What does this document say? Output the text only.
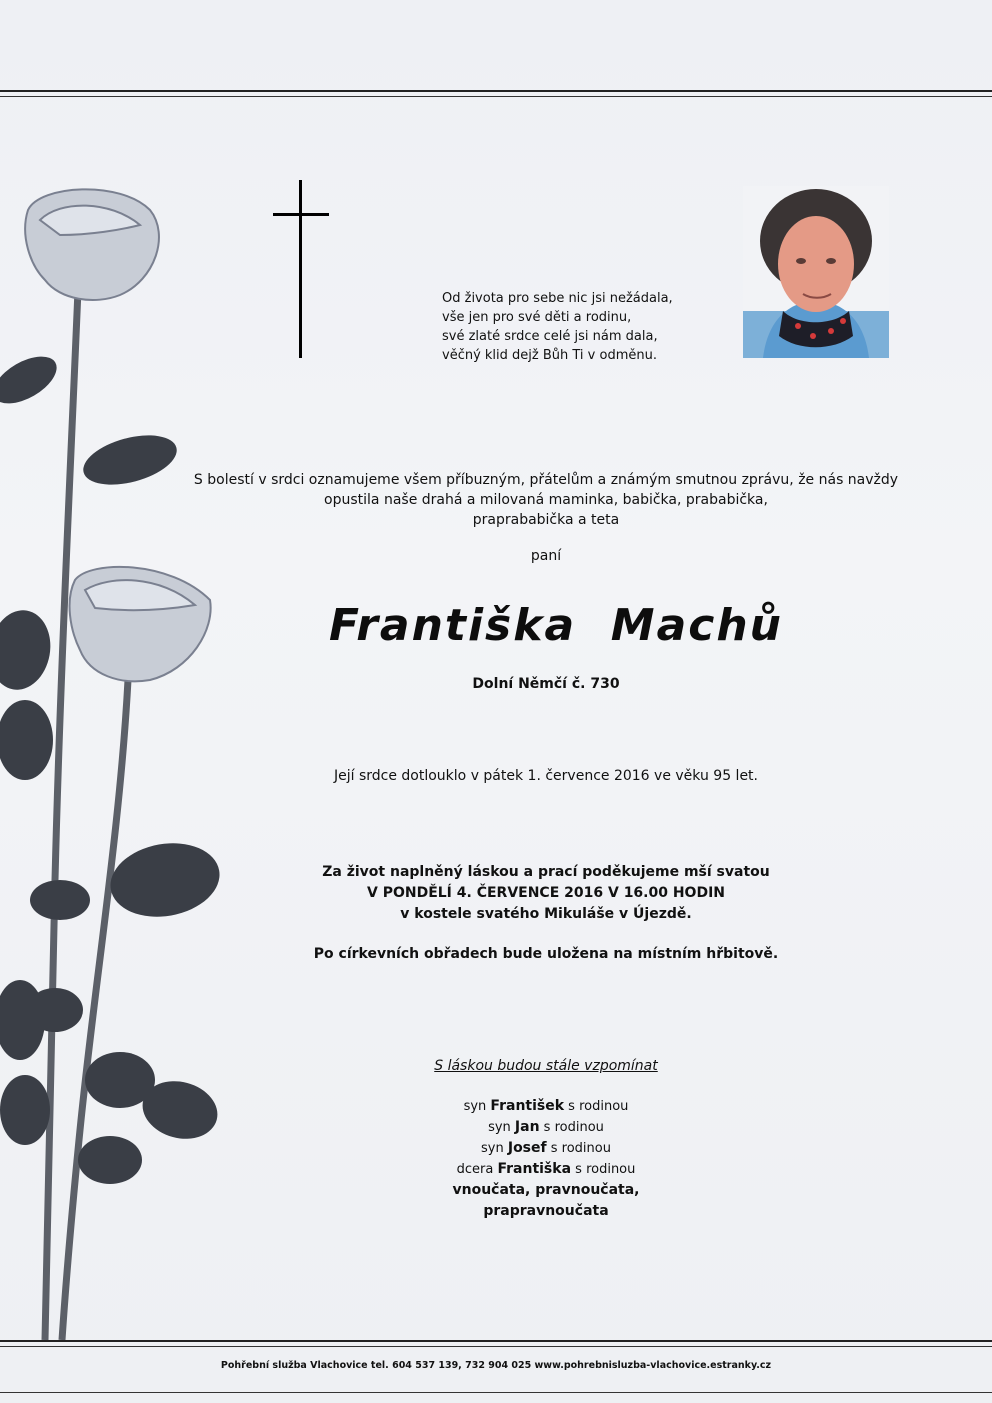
Od života pro sebe nic jsi nežádala,
vše jen pro své děti a rodinu,
své zlaté srdce celé jsi nám dala,
věčný klid dejž Bůh Ti v odměnu.
S bolestí v srdci oznamujeme všem příbuzným, přátelům a známým smutnou zprávu, že nás navždy
opustila naše drahá a milovaná maminka, babička, prababička,
praprababička a teta
paní
Františka  Machů
Dolní Němčí č. 730
Její srdce dotlouklo v pátek 1. července 2016 ve věku 95 let.
Za život naplněný láskou a prací poděkujeme mší svatou
V PONDĚLÍ 4. ČERVENCE 2016 V 16.00 HODIN
v kostele svatého Mikuláše v Újezdě.
Po církevních obřadech bude uložena na místním hřbitově.
S láskou budou stále vzpomínat
syn František s rodinou
syn Jan s rodinou
syn Josef s rodinou
dcera Františka s rodinou
vnoučata, pravnoučata,
prapravnoučata
Pohřební služba Vlachovice tel. 604 537 139, 732 904 025 www.pohrebnisluzba-vlachovice.estranky.cz
